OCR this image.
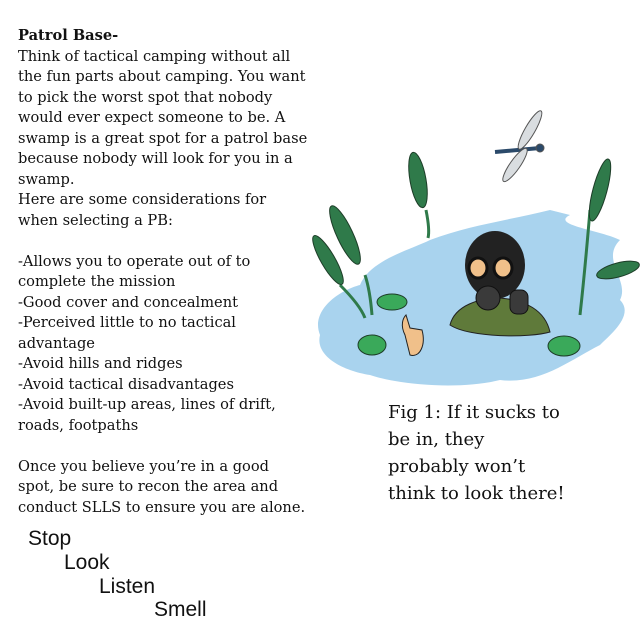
Patrol Base-
Think of tactical camping without all
the fun parts about camping. You want
to pick the worst spot that nobody
would ever expect someone to be. A
swamp is a great spot for a patrol base
because nobody will look for you in a
swamp.
Here are some considerations for
when selecting a PB:
-Allows you to operate out of to
complete the mission
-Good cover and concealment
-Perceived little to no tactical
advantage
-Avoid hills and ridges
-Avoid tactical disadvantages
-Avoid built-up areas, lines of drift,
roads, footpaths
Once you believe you’re in a good
spot, be sure to recon the area and
conduct SLLS to ensure you are alone.
Fig 1: If it sucks to
be in, they
probably won’t
think to look there!
Stop
Look
Listen
Smell
